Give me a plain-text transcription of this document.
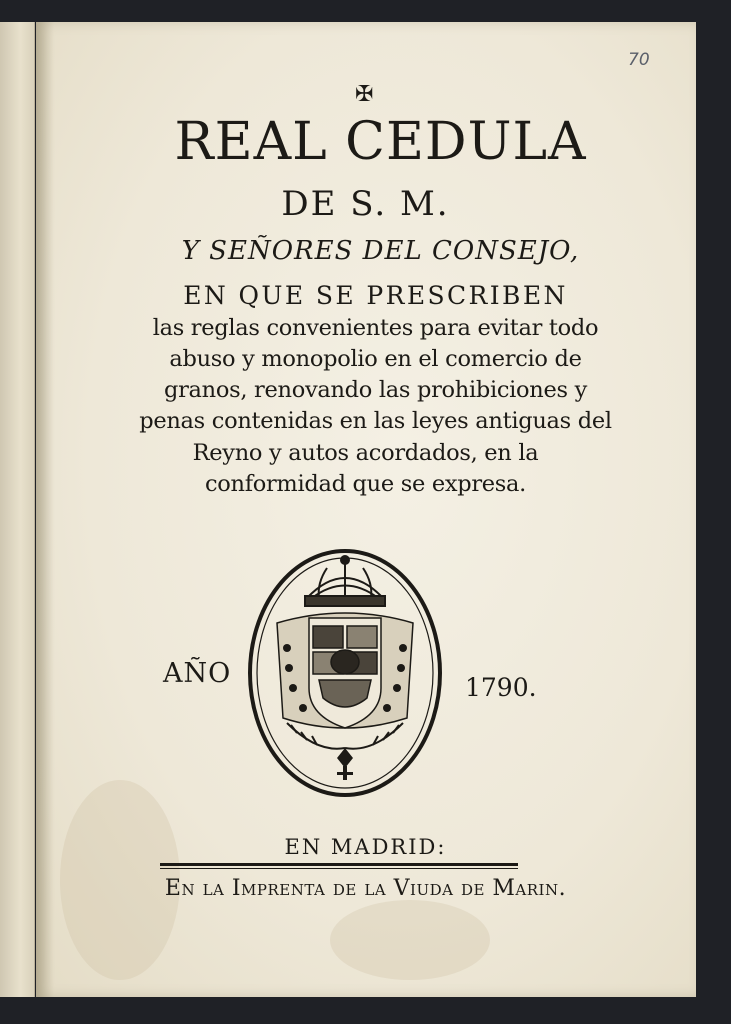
70
✠
REAL CEDULA
DE S. M.
Y SEÑORES DEL CONSEJO,
EN QUE SE PRESCRIBEN
las reglas convenientes para evitar todo
abuso y monopolio en el comercio de
granos, renovando las prohibiciones y
penas contenidas en las leyes antiguas del
Reyno y autos acordados, en la
conformidad que se expresa.
AÑO	1790.
EN MADRID:
En la Imprenta de la Viuda de Marin.
